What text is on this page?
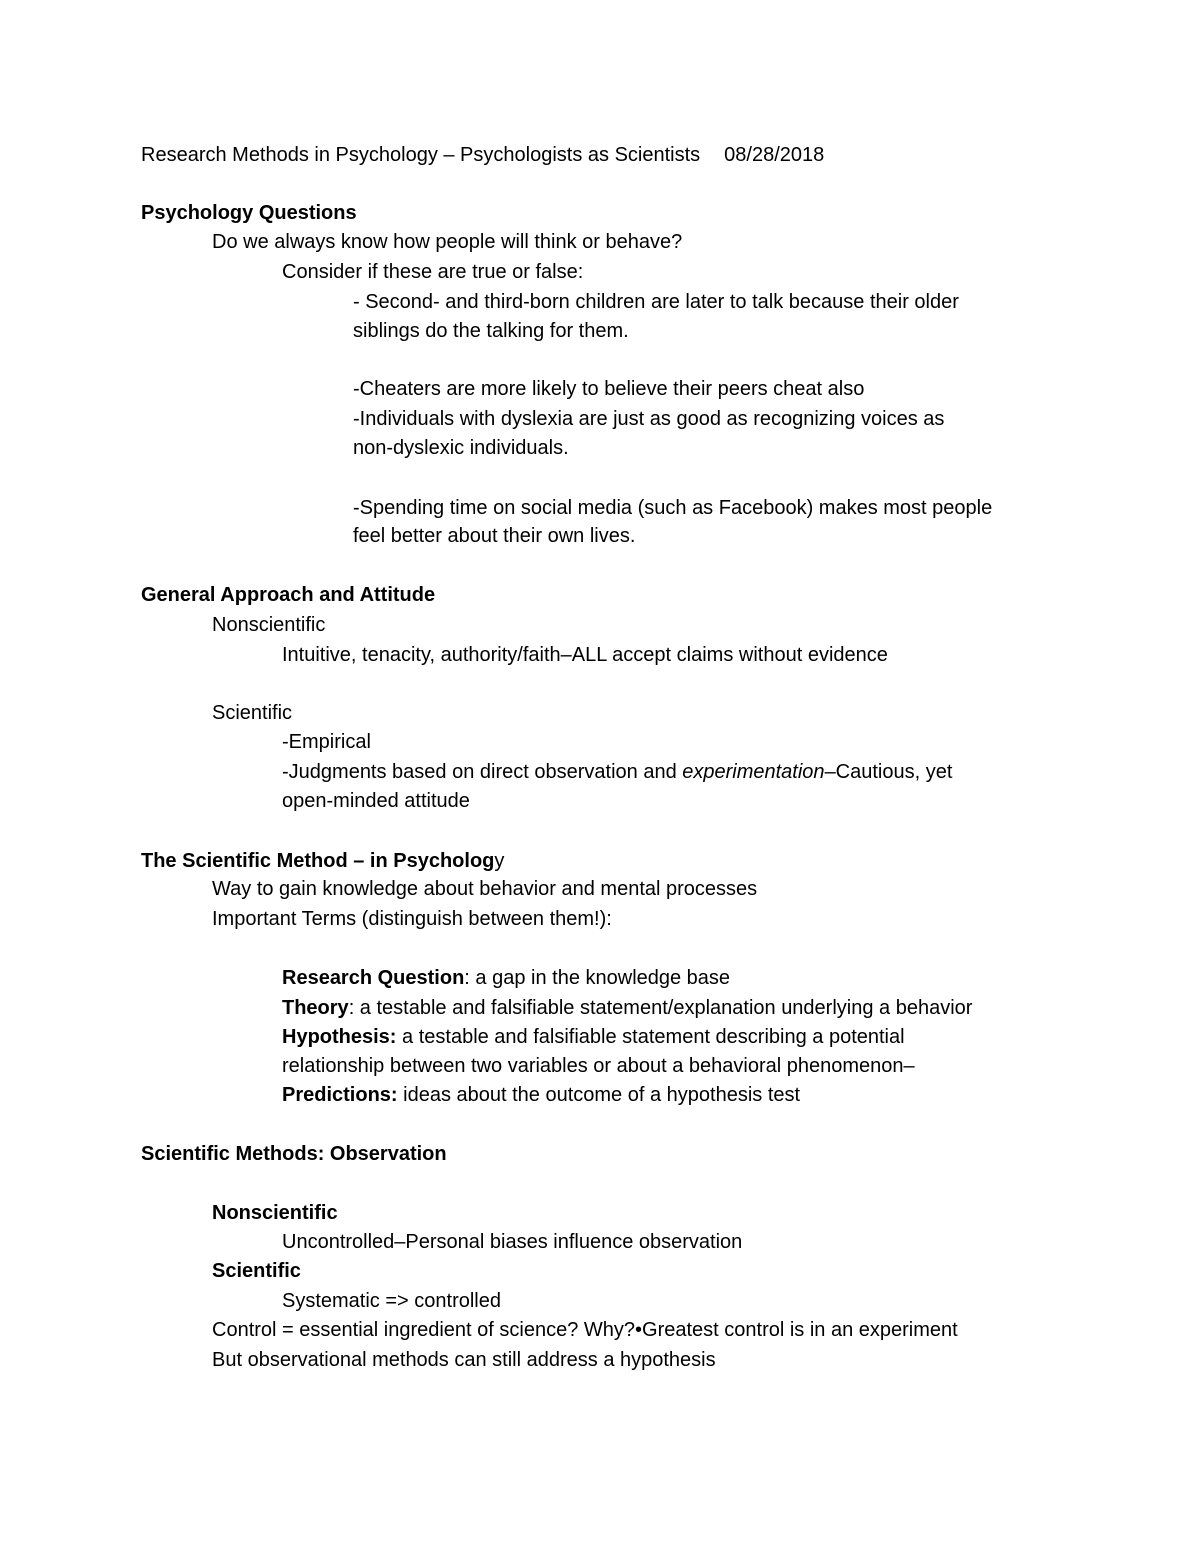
Research Methods in Psychology – Psychologists as Scientists 08/28/2018

Psychology Questions

Do we always know how people will think or behave?

Consider if these are true or false:

- Second- and third-born children are later to talk because their older

siblings do the talking for them.

-Cheaters are more likely to believe their peers cheat also

-Individuals with dyslexia are just as good as recognizing voices as

non-dyslexic individuals.

-Spending time on social media (such as Facebook) makes most people

feel better about their own lives.

General Approach and Attitude

Nonscientific

Intuitive, tenacity, authority/faith–ALL accept claims without evidence

Scientific

-Empirical

-Judgments based on direct observation and experimentation–Cautious, yet

open-minded attitude

The Scientific Method – in Psychology

Way to gain knowledge about behavior and mental processes

Important Terms (distinguish between them!):

Research Question: a gap in the knowledge base

Theory: a testable and falsifiable statement/explanation underlying a behavior

Hypothesis: a testable and falsifiable statement describing a potential

relationship between two variables or about a behavioral phenomenon–

Predictions: ideas about the outcome of a hypothesis test

Scientific Methods: Observation

Nonscientific

Uncontrolled–Personal biases influence observation

Scientific

Systematic => controlled

Control = essential ingredient of science? Why?•Greatest control is in an experiment

But observational methods can still address a hypothesis
